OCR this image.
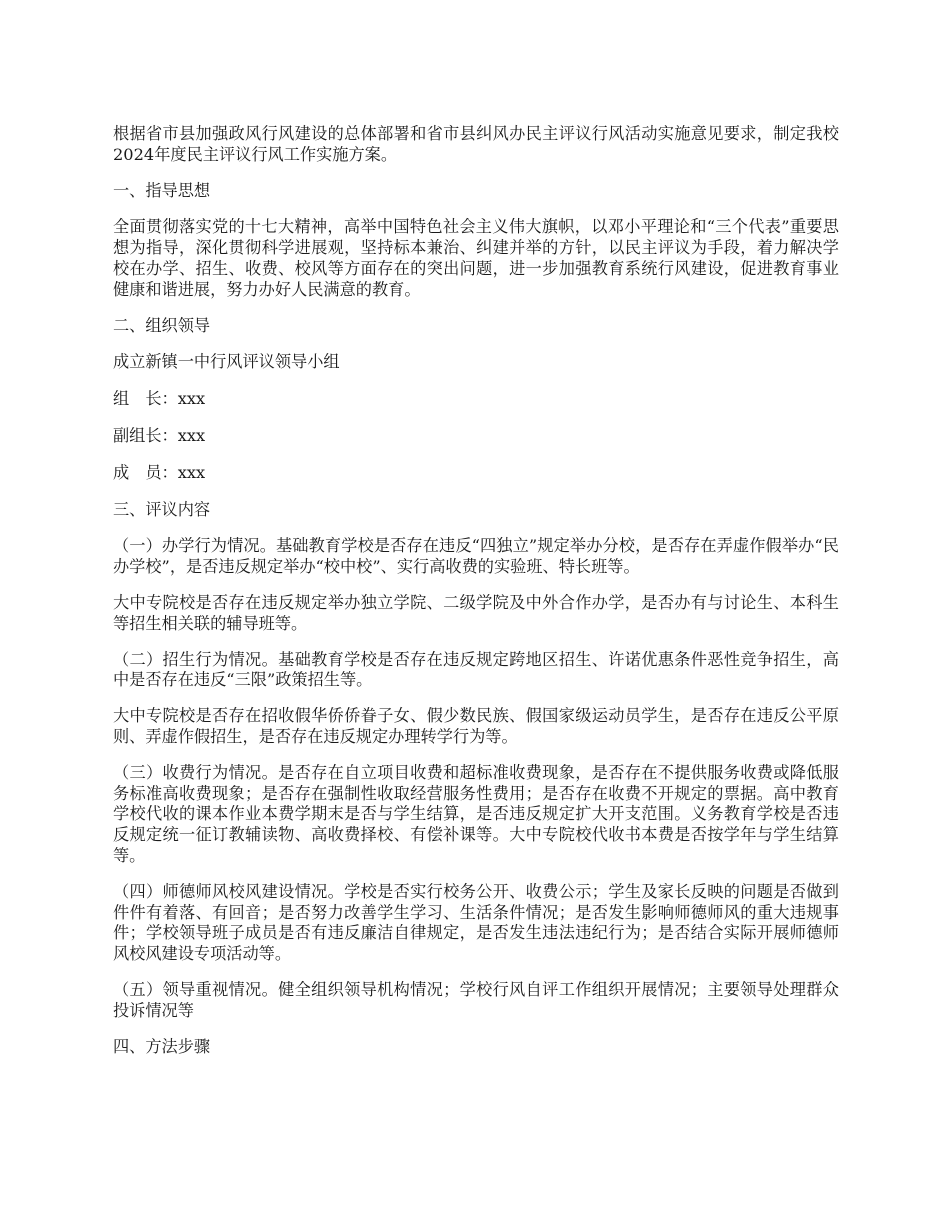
根据省市县加强政风行风建设的总体部署和省市县纠风办民主评议行风活动实施意见要求，制定我校2024年度民主评议行风工作实施方案。

一、指导思想

全面贯彻落实党的十七大精神，高举中国特色社会主义伟大旗帜，以邓小平理论和“三个代表”重要思想为指导，深化贯彻科学进展观，坚持标本兼治、纠建并举的方针，以民主评议为手段，着力解决学校在办学、招生、收费、校风等方面存在的突出问题，进一步加强教育系统行风建设，促进教育事业健康和谐进展，努力办好人民满意的教育。

二、组织领导

成立新镇一中行风评议领导小组

组　长：xxx

副组长：xxx

成　员：xxx

三、评议内容

（一）办学行为情况。基础教育学校是否存在违反“四独立”规定举办分校，是否存在弄虚作假举办“民办学校”，是否违反规定举办“校中校”、实行高收费的实验班、特长班等。

大中专院校是否存在违反规定举办独立学院、二级学院及中外合作办学，是否办有与讨论生、本科生等招生相关联的辅导班等。

（二）招生行为情况。基础教育学校是否存在违反规定跨地区招生、许诺优惠条件恶性竞争招生，高中是否存在违反“三限”政策招生等。

大中专院校是否存在招收假华侨侨眷子女、假少数民族、假国家级运动员学生，是否存在违反公平原则、弄虚作假招生，是否存在违反规定办理转学行为等。

（三）收费行为情况。是否存在自立项目收费和超标准收费现象，是否存在不提供服务收费或降低服务标准高收费现象；是否存在强制性收取经营服务性费用；是否存在收费不开规定的票据。高中教育学校代收的课本作业本费学期末是否与学生结算，是否违反规定扩大开支范围。义务教育学校是否违反规定统一征订教辅读物、高收费择校、有偿补课等。大中专院校代收书本费是否按学年与学生结算等。

（四）师德师风校风建设情况。学校是否实行校务公开、收费公示；学生及家长反映的问题是否做到件件有着落、有回音；是否努力改善学生学习、生活条件情况；是否发生影响师德师风的重大违规事件；学校领导班子成员是否有违反廉洁自律规定，是否发生违法违纪行为；是否结合实际开展师德师风校风建设专项活动等。

（五）领导重视情况。健全组织领导机构情况；学校行风自评工作组织开展情况；主要领导处理群众投诉情况等

四、方法步骤
